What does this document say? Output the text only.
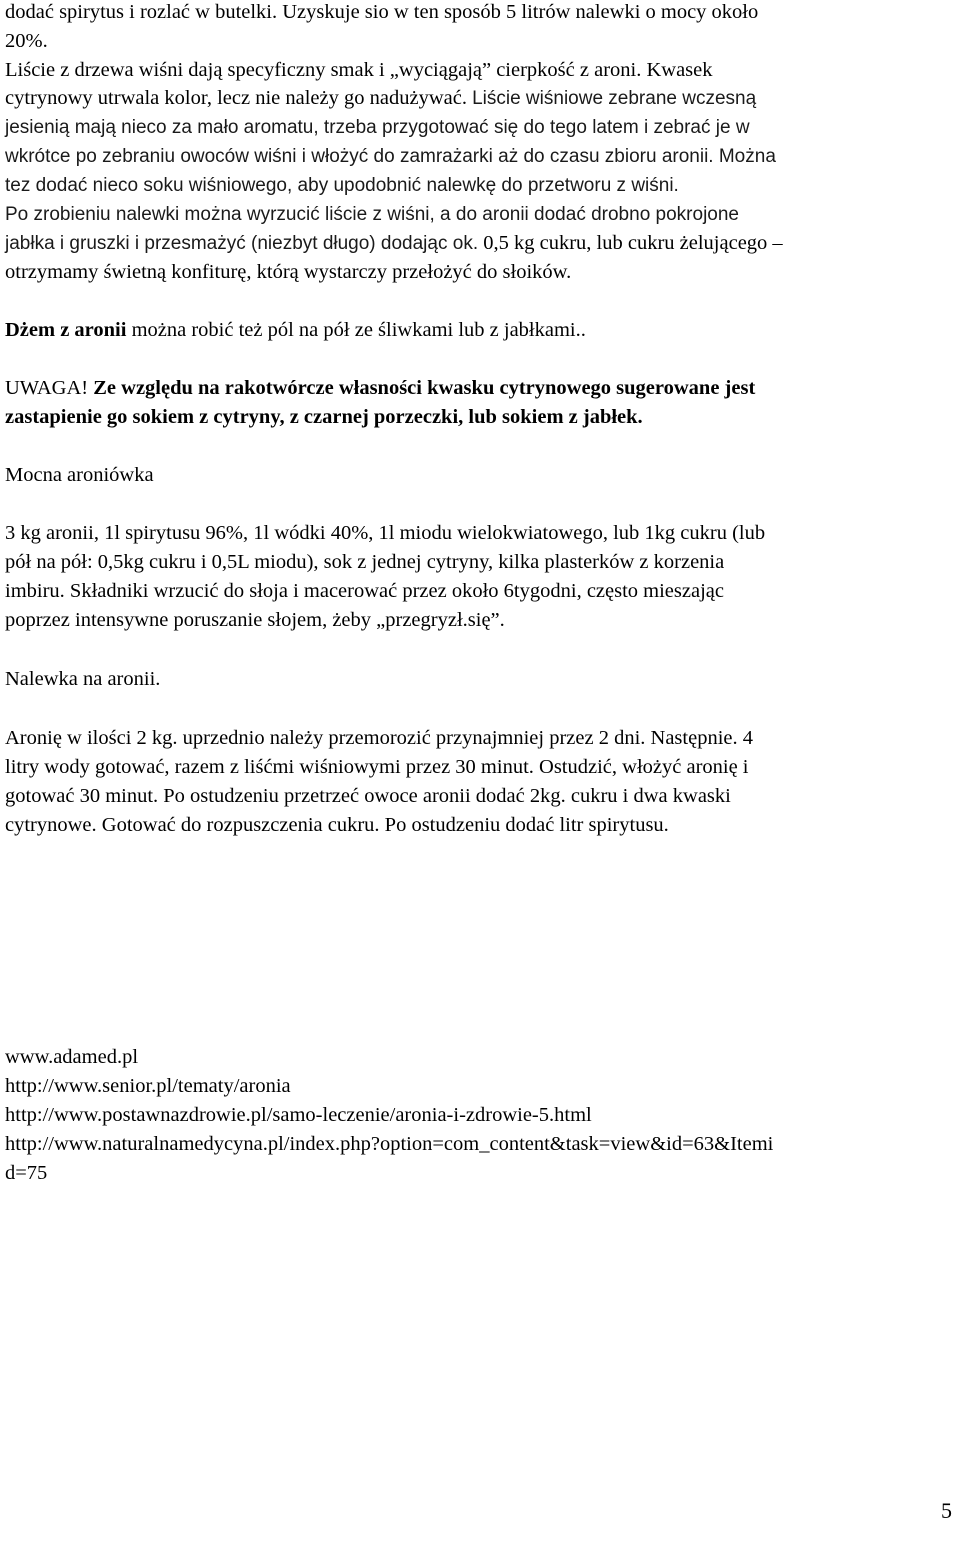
dodać spirytus i rozlać w butelki. Uzyskuje sio w ten sposób 5 litrów nalewki o mocy około
20%.
Liście z drzewa wiśni dają specyficzny smak i „wyciągają” cierpkość z aroni. Kwasek
cytrynowy utrwala kolor, lecz nie należy go nadużywać. Liście wiśniowe zebrane wczesną
jesienią mają nieco za mało aromatu, trzeba przygotować się do tego latem i zebrać je w
wkrótce po zebraniu owoców wiśni i włożyć do zamrażarki aż do czasu zbioru aronii. Można
tez dodać nieco soku wiśniowego, aby upodobnić nalewkę do przetworu z wiśni.
Po zrobieniu nalewki można wyrzucić liście z wiśni, a do aronii dodać drobno pokrojone
jabłka i gruszki i przesmażyć (niezbyt długo) dodając ok. 0,5 kg cukru, lub cukru żelującego –
otrzymamy świetną konfiturę, którą wystarczy przełożyć do słoików.
Dżem z aronii można robić też pól na pół ze śliwkami lub z jabłkami..
UWAGA! Ze względu na rakotwórcze własności kwasku cytrynowego sugerowane jest
zastapienie go sokiem z cytryny, z czarnej porzeczki, lub sokiem z jabłek.
Mocna aroniówka
3 kg aronii, 1l spirytusu 96%, 1l wódki 40%, 1l miodu wielokwiatowego, lub 1kg cukru (lub
pół na pół: 0,5kg cukru i 0,5L miodu), sok z jednej cytryny, kilka plasterków z korzenia
imbiru. Składniki wrzucić do słoja i macerować przez około 6tygodni, często mieszając
poprzez intensywne poruszanie słojem, żeby „przegryzł.się”.
Nalewka na aronii.
Aronię w ilości 2 kg. uprzednio należy przemorozić przynajmniej przez 2 dni. Następnie. 4
litry wody gotować, razem z liśćmi wiśniowymi przez 30 minut. Ostudzić, włożyć aronię i
gotować 30 minut. Po ostudzeniu przetrzeć owoce aronii dodać 2kg. cukru i dwa kwaski
cytrynowe. Gotować do rozpuszczenia cukru. Po ostudzeniu dodać litr spirytusu.
www.adamed.pl
http://www.senior.pl/tematy/aronia
http://www.postawnazdrowie.pl/samo-leczenie/aronia-i-zdrowie-5.html
http://www.naturalnamedycyna.pl/index.php?option=com_content&task=view&id=63&Itemi
d=75
5
